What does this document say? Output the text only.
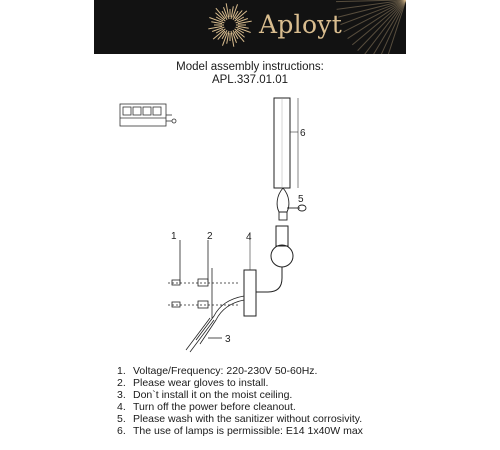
Aployt
Model assembly instructions:
APL.337.01.01
6
5
4
1	2
3
1. Voltage/Frequency: 220-230V 50-60Hz.
2. Please wear gloves to install.
3. Don`t install it on the moist ceiling.
4. Turn off the power before cleanout.
5. Please wash with the sanitizer without corrosivity.
6. The use of lamps is permissible: E14 1x40W max
